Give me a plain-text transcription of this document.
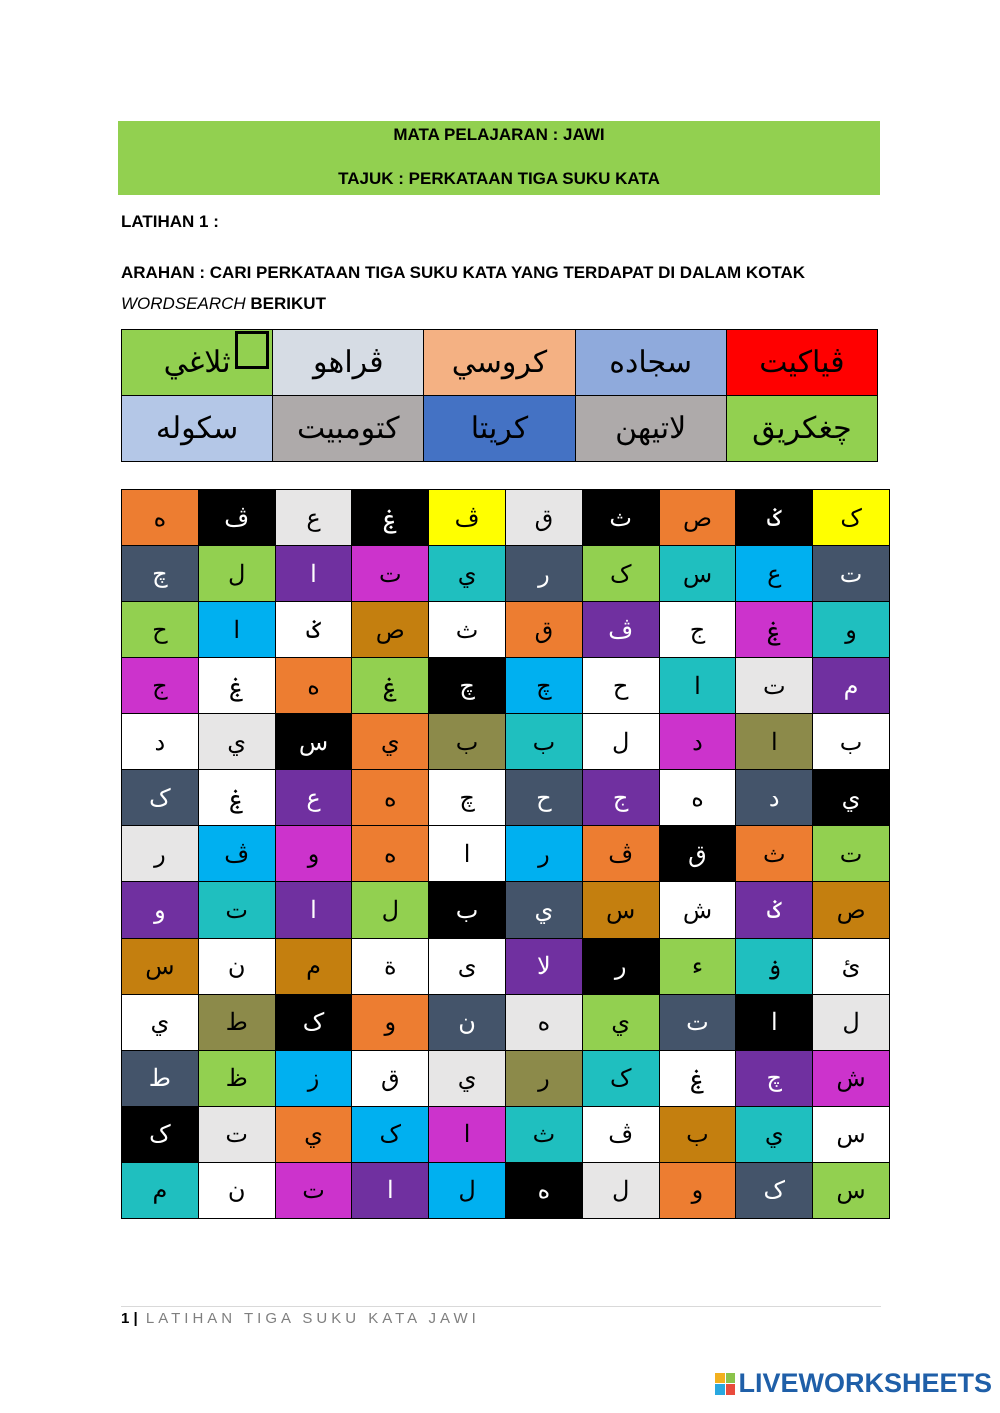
MATA PELAJARAN : JAWI
TAJUK : PERKATAAN TIGA SUKU KATA
LATIHAN 1 :
ARAHAN : CARI PERKATAAN TIGA SUKU KATA YANG TERDAPAT DI DALAM KOTAK WORDSEARCH BERIKUT
ثلاغي	ڤراهو	کروسي	سجاده	ڤياکيت
سکوله	کتومبيت	کريتا	لاتيهن	چغکريق
ه	ڤ	ع	ۼ	ڤ	ق	ث	ص	ݢ	ک
چ	ل	ا	ت	ي	ر	ک	س	ع	ت
ح	ا	ݢ	ص	ث	ق	ڤ	ج	ۼ	و
ج	ۼ	ه	ۼ	چ	چ	ح	ا	ت	م
د	ي	س	ي	ب	ب	ل	د	ا	ب
ک	ۼ	ع	ه	چ	ح	ج	ه	د	ي
ر	ڤ	و	ه	ا	ر	ڤ	ق	ث	ت
و	ت	ا	ل	ب	ي	س	ش	ݢ	ص
س	ن	م	ة	ى	لا	ر	ء	ۏ	ئ
ي	ط	ک	و	ن	ه	ي	ت	ا	ل
ط	ظ	ز	ق	ي	ر	ک	ۼ	چ	ش
ک	ت	ي	ک	ا	ث	ڤ	ب	ي	س
م	ن	ت	ا	ل	ه	ل	و	ک	س
1 | LATIHAN TIGA SUKU KATA JAWI
LIVEWORKSHEETS
